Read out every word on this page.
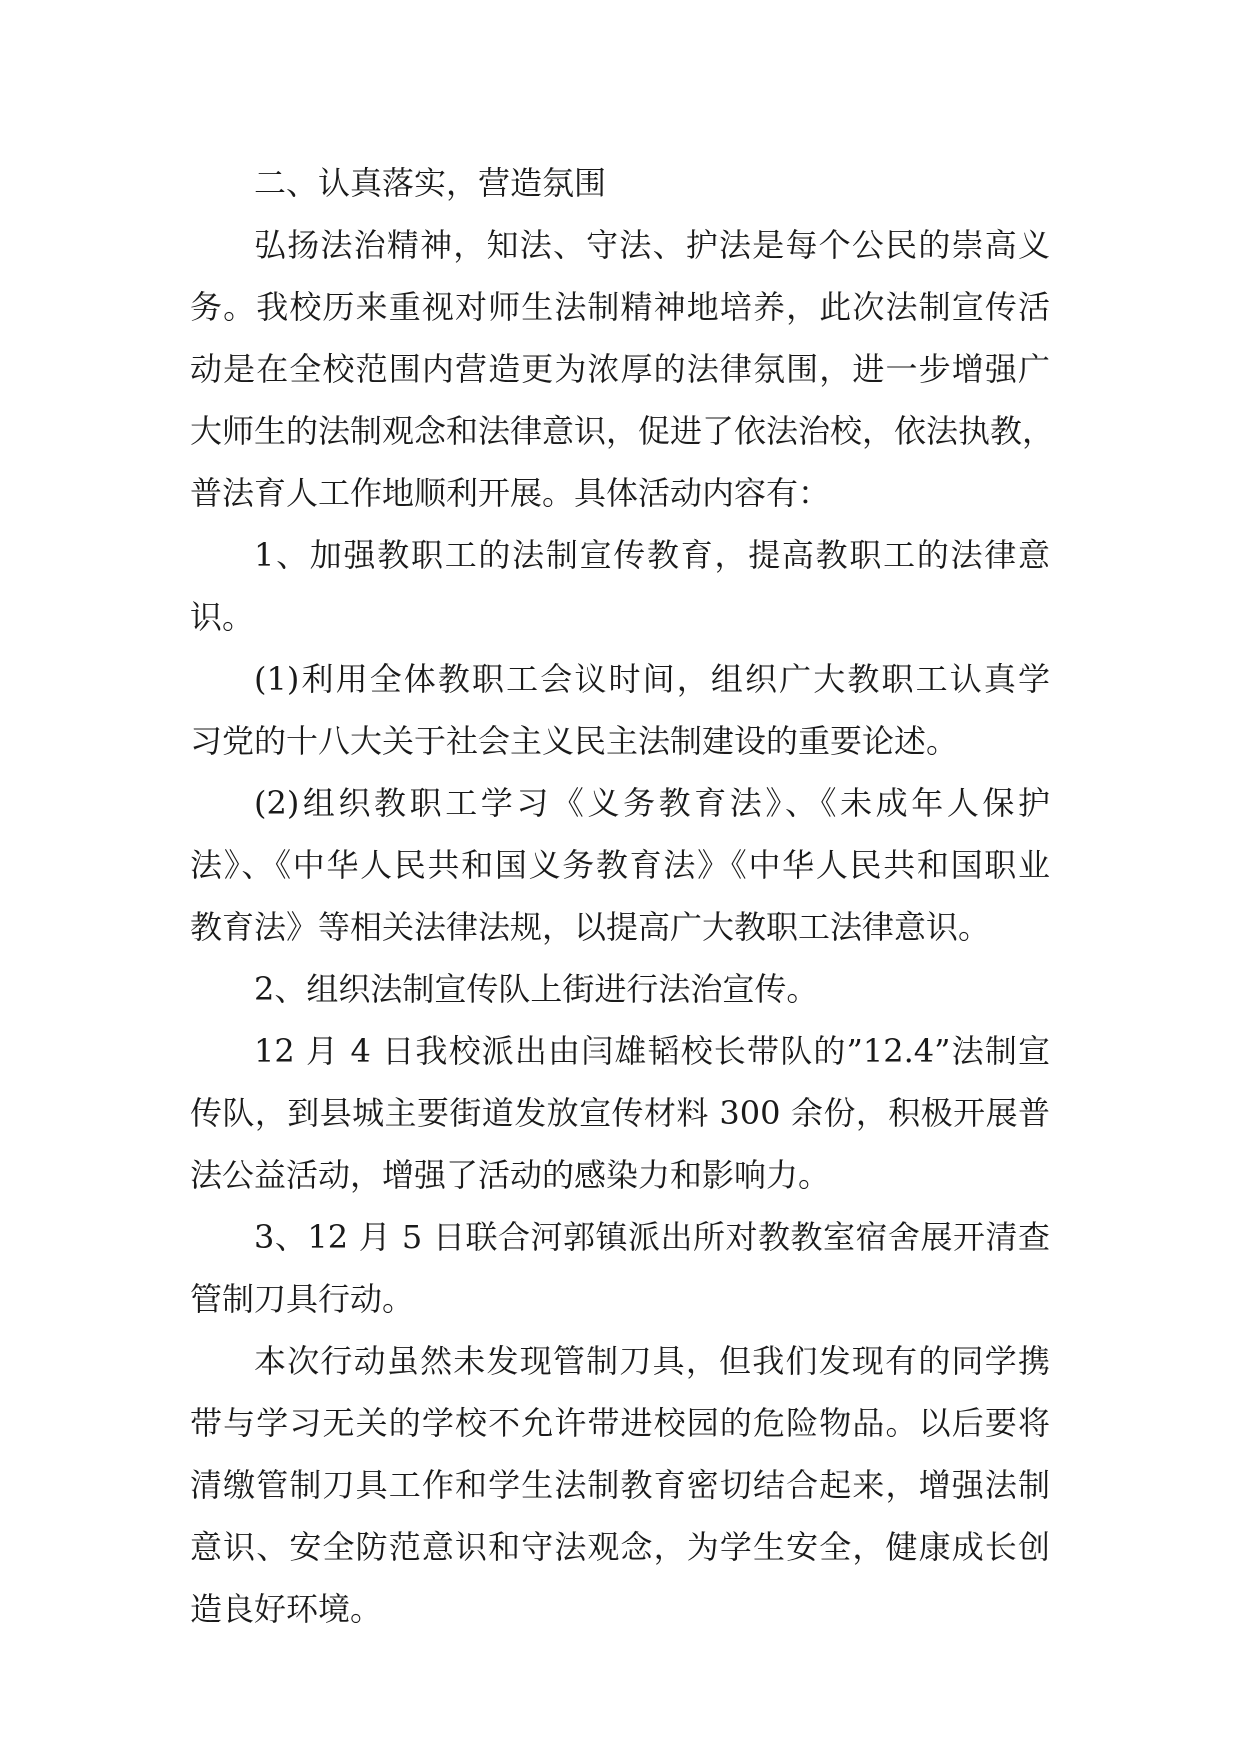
二、认真落实，营造氛围
弘扬法治精神，知法、守法、护法是每个公民的崇高义
务。我校历来重视对师生法制精神地培养，此次法制宣传活
动是在全校范围内营造更为浓厚的法律氛围，进一步增强广
大师生的法制观念和法律意识，促进了依法治校，依法执教，
普法育人工作地顺利开展。具体活动内容有：
1、加强教职工的法制宣传教育，提高教职工的法律意
识。
(1)利用全体教职工会议时间，组织广大教职工认真学
习党的十八大关于社会主义民主法制建设的重要论述。
(2)组织教职工学习《义务教育法》、《未成年人保护
法》、《中华人民共和国义务教育法》《中华人民共和国职业
教育法》等相关法律法规，以提高广大教职工法律意识。
2、组织法制宣传队上街进行法治宣传。
12 月 4 日我校派出由闫雄韬校长带队的”12.4”法制宣
传队，到县城主要街道发放宣传材料 300 余份，积极开展普
法公益活动，增强了活动的感染力和影响力。
3、12 月 5 日联合河郭镇派出所对教教室宿舍展开清查
管制刀具行动。
本次行动虽然未发现管制刀具，但我们发现有的同学携
带与学习无关的学校不允许带进校园的危险物品。以后要将
清缴管制刀具工作和学生法制教育密切结合起来，增强法制
意识、安全防范意识和守法观念，为学生安全，健康成长创
造良好环境。
